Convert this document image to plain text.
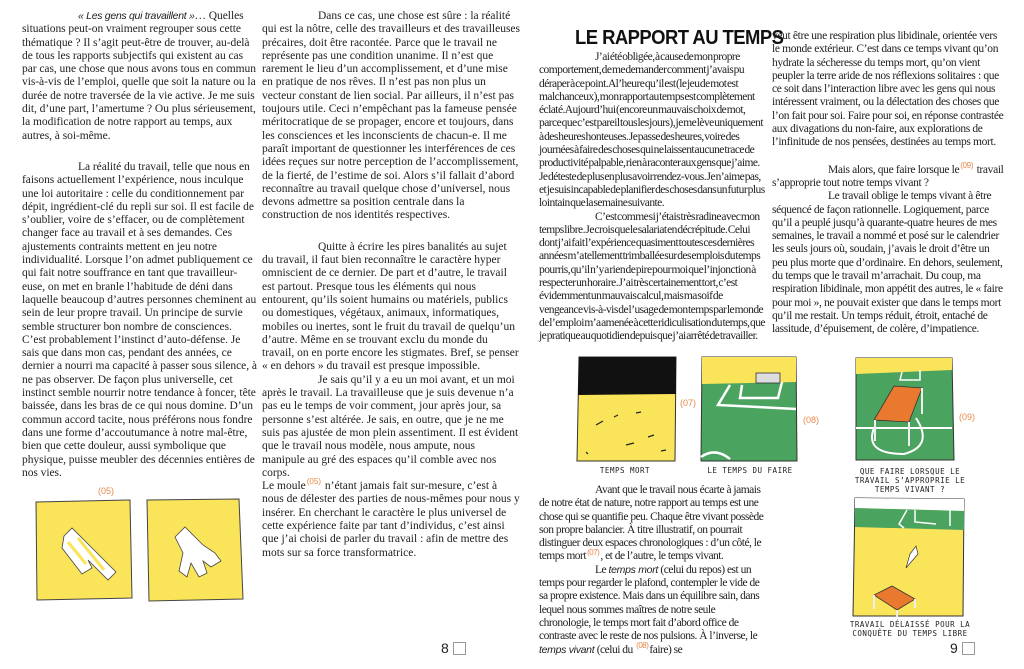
« Les gens qui travaillent »… Quelles situations peut-on vraiment regrouper sous cette thématique ? Il s’agit peut-être de trouver, au-delà de tous les rapports subjectifs qui existent au cas par cas, une chose que nous avons tous en commun vis-à-vis de l’emploi, quelle que soit la nature ou la durée de notre traversée de la vie active. Je me suis dit, d’une part, l’amertume ? Ou plus sérieusement, la modification de notre rapport au temps, aux autres, à soi-même.

La réalité du travail, telle que nous en faisons actuellement l’expérience, nous inculque une loi autoritaire : celle du conditionnement par dépit, ingrédient-clé du repli sur soi. Il est facile de s’oublier, voire de s’effacer, ou de complètement changer face au travail et à ses demandes. Ces ajustements contraints mettent en jeu notre individualité. Lorsque l’on admet publiquement ce qui fait notre souffrance en tant que travailleur-euse, on met en branle l’habitude de déni dans laquelle beaucoup d’autres personnes cheminent au sein de leur propre travail. Un principe de survie semble structurer bon nombre de consciences.

C’est probablement l’instinct d’auto-défense. Je sais que dans mon cas, pendant des années, ce dernier a nourri ma capacité à passer sous silence, à ne pas observer. De façon plus universelle, cet instinct semble nourrir notre tendance à foncer, tête baissée, dans les bras de ce qui nous domine. D’un commun accord tacite, nous préférons nous fondre dans une forme d’accoutumance à notre mal-être, bien que cette douleur, aussi symbolique que physique, puisse meubler des décennies entières de nos vies.

Dans ce cas, une chose est sûre : la réalité qui est la nôtre, celle des travailleurs et des travailleuses précaires, doit être racontée. Parce que le travail ne représente pas une condition unanime. Il n’est que rarement le lieu d’un accomplissement, et d’une mise en pratique de nos rêves. Il n’est pas non plus un vecteur constant de lien social. Par ailleurs, il n’est pas toujours utile. Ceci n’empêchant pas la fameuse pensée méritocratique de se propager, encore et toujours, dans les consciences et les inconscients de chacun-e. Il me paraît important de questionner les interférences de ces idées reçues sur notre perception de l’accomplissement, de la fierté, de l’estime de soi. Alors s’il fallait d’abord reconnaître au travail quelque chose d’universel, nous devons admettre sa position centrale dans la construction de nos identités respectives.

Quitte à écrire les pires banalités au sujet du travail, il faut bien reconnaître le caractère hyper omniscient de ce dernier. De part et d’autre, le travail est partout. Presque tous les éléments qui nous entourent, qu’ils soient humains ou matériels, publics ou domestiques, végétaux, animaux, informatiques, mobiles ou inertes, sont le fruit du travail de quelqu’un d’autre. Même en se trouvant exclu du monde du travail, on en porte encore les stigmates. Bref, se penser « en dehors » du travail est presque impossible.

Je sais qu’il y a eu un moi avant, et un moi après le travail. La travailleuse que je suis devenue n’a pas eu le temps de voir comment, jour après jour, sa personne s’est altérée. Je sais, en outre, que je ne me suis pas ajustée de mon plein assentiment. Il est évident que le travail nous modèle, nous ampute, nous manipule au gré des espaces qu’il comble avec nos corps.

Le moule$^{(05)}$ n’étant jamais fait sur-mesure, c’est à nous de délester des parties de nous-mêmes pour nous y insérer. En cherchant le caractère le plus universel de cette expérience faite par tant d’individus, c’est ainsi que j’ai choisi de parler du travail : afin de mettre des mots sur sa force transformatrice.

(05)
8
LE RAPPORT AU TEMPS

J’ai été obligée, à cause de mon propre comportement, de me demander comment j’avais pu déraper à ce point. A l’heure qu’il est (le jeu de mot est malchanceux), mon rapport au temps est complètement éclaté. Aujourd’hui (encore un mauvais choix de mot, parce que c’est pareil tous les jours), je me lève uniquement à des heures honteuses. Je passe des heures, voire des journées à faire des choses qui ne laissent aucune trace de productivité palpable, rien à raconter aux gens que j’aime. Je déteste de plus en plus avoir rendez-vous. Je n’aime pas, et je suis incapable de planifier des choses dans un futur plus lointain que la semaine suivante.

C’est comme si j’étais très radine avec mon temps libre. Je crois que le salariat en décrépitude. Celui dont j’ai fait l’expérience quasiment toutes ces dernières années m’a tellement trimballée sur des emplois du temps pourris, qu’il n’y a rien de pire pour moi que l’injonction à respecter un horaire. J’ai très certainement tort, c’est évidemment un mauvais calcul, mais ma soif de vengeance vis-à-vis de l’usage de mon temps par le monde de l’emploi m’a amenée à cette ridiculisation du temps, que je pratique au quotidien depuis que j’ai arrêté de travailler.

Avant que le travail nous écarte à jamais de notre état de nature, notre rapport au temps est une chose qui se quantifie peu. Chaque être vivant possède son propre balancier. À titre illustratif, on pourrait distinguer deux espaces chronologiques : d’un côté, le temps mort$^{(07)}$, et de l’autre, le temps vivant.

Le temps mort (celui du repos) est un temps pour regarder le plafond, contempler le vide de sa propre existence. Mais dans un équilibre sain, dans lequel nous sommes maîtres de notre seule chronologie, le temps mort fait d’abord office de contraste avec le reste de nos pulsions. À l’inverse, le temps vivant (celui du $^{(08)}$faire) se

veut être une respiration plus libidinale, orientée vers le monde extérieur. C’est dans ce temps vivant qu’on hydrate la sécheresse du temps mort, qu’on vient peupler la terre aride de nos réflexions solitaires : que ce soit dans l’interaction libre avec les gens qui nous intéressent vraiment, ou la délectation des choses que l’on fait pour soi. Faire pour soi, en réponse contrastée aux divagations du non-faire, aux explorations de l’infinitude de nos pensées, destinées au temps mort.

Mais alors, que faire lorsque le$^{(09)}$ travail s’approprie tout notre temps vivant ?

Le travail oblige le temps vivant à être séquencé de façon rationnelle. Logiquement, parce qu’il a peuplé jusqu’à quarante-quatre heures de mes semaines, le travail a nommé et posé sur le calendrier les seuls jours où, soudain, j’avais le droit d’être un peu plus morte que d’ordinaire. En dehors, seulement, du temps que le travail m’arrachait. Du coup, ma respiration libidinale, mon appétit des autres, le « faire pour moi », ne pouvait exister que dans le temps mort qu’il me restait. Un temps réduit, étroit, entaché de lassitude, d’épuisement, de colère, d’impatience.

(07)
TEMPS MORT
(08)
LE TEMPS DU FAIRE
(09)
QUE FAIRE LORSQUE LE TRAVAIL S’APPROPRIE LE TEMPS VIVANT ?
TRAVAIL DÉLAISSÉ POUR LA CONQUÊTE DU TEMPS LIBRE
9
